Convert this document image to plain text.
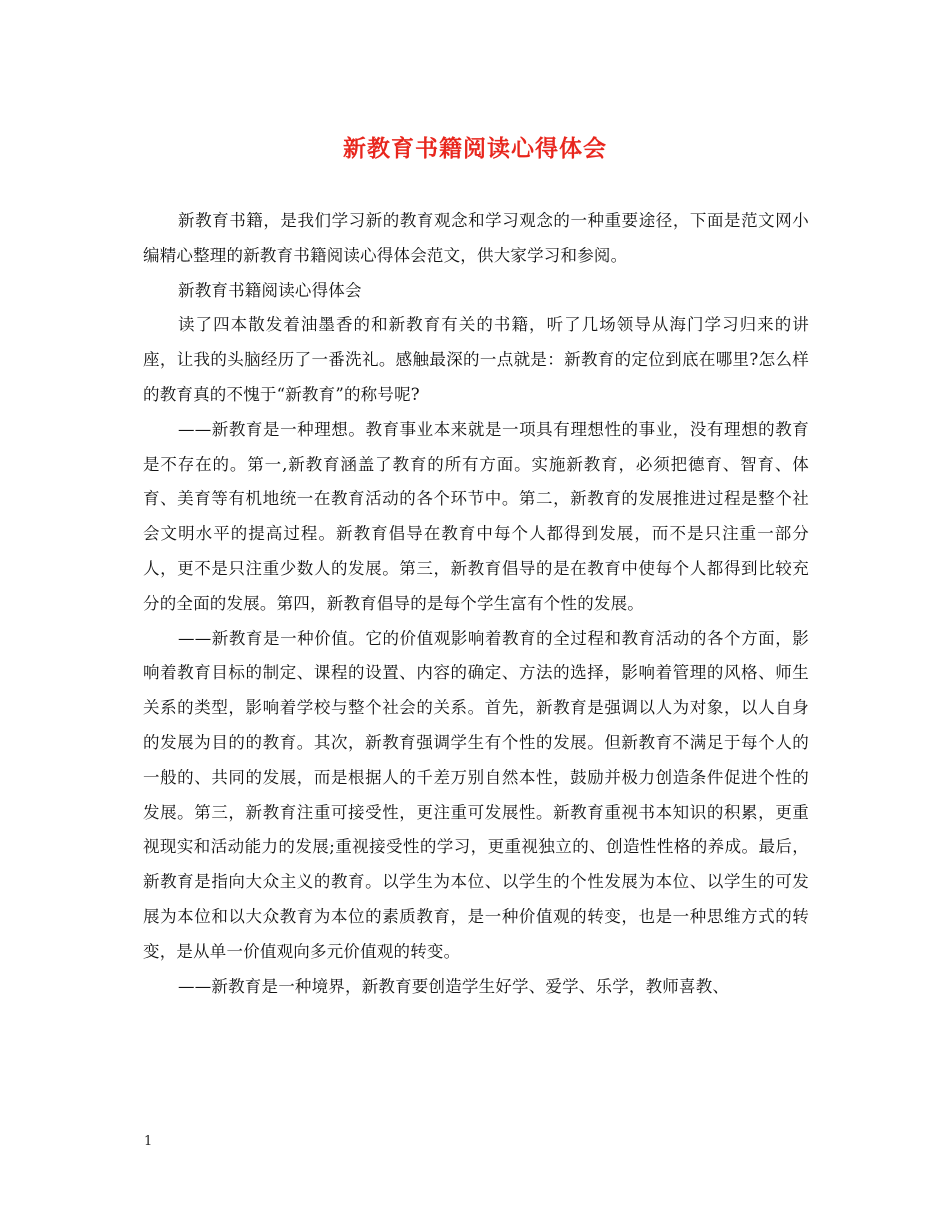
新教育书籍阅读心得体会

新教育书籍，是我们学习新的教育观念和学习观念的一种重要途径，下面是范文网小编精心整理的新教育书籍阅读心得体会范文，供大家学习和参阅。

新教育书籍阅读心得体会

读了四本散发着油墨香的和新教育有关的书籍，听了几场领导从海门学习归来的讲座，让我的头脑经历了一番洗礼。感触最深的一点就是：新教育的定位到底在哪里?怎么样的教育真的不愧于“新教育”的称号呢?

——新教育是一种理想。教育事业本来就是一项具有理想性的事业，没有理想的教育是不存在的。第一,新教育涵盖了教育的所有方面。实施新教育，必须把德育、智育、体育、美育等有机地统一在教育活动的各个环节中。第二，新教育的发展推进过程是整个社会文明水平的提高过程。新教育倡导在教育中每个人都得到发展，而不是只注重一部分人，更不是只注重少数人的发展。第三，新教育倡导的是在教育中使每个人都得到比较充分的全面的发展。第四，新教育倡导的是每个学生富有个性的发展。

——新教育是一种价值。它的价值观影响着教育的全过程和教育活动的各个方面，影响着教育目标的制定、课程的设置、内容的确定、方法的选择，影响着管理的风格、师生关系的类型，影响着学校与整个社会的关系。首先，新教育是强调以人为对象，以人自身的发展为目的的教育。其次，新教育强调学生有个性的发展。但新教育不满足于每个人的一般的、共同的发展，而是根据人的千差万别自然本性，鼓励并极力创造条件促进个性的发展。第三，新教育注重可接受性，更注重可发展性。新教育重视书本知识的积累，更重视现实和活动能力的发展;重视接受性的学习，更重视独立的、创造性性格的养成。最后，新教育是指向大众主义的教育。以学生为本位、以学生的个性发展为本位、以学生的可发展为本位和以大众教育为本位的素质教育，是一种价值观的转变，也是一种思维方式的转变，是从单一价值观向多元价值观的转变。

——新教育是一种境界，新教育要创造学生好学、爱学、乐学，教师喜教、

1
